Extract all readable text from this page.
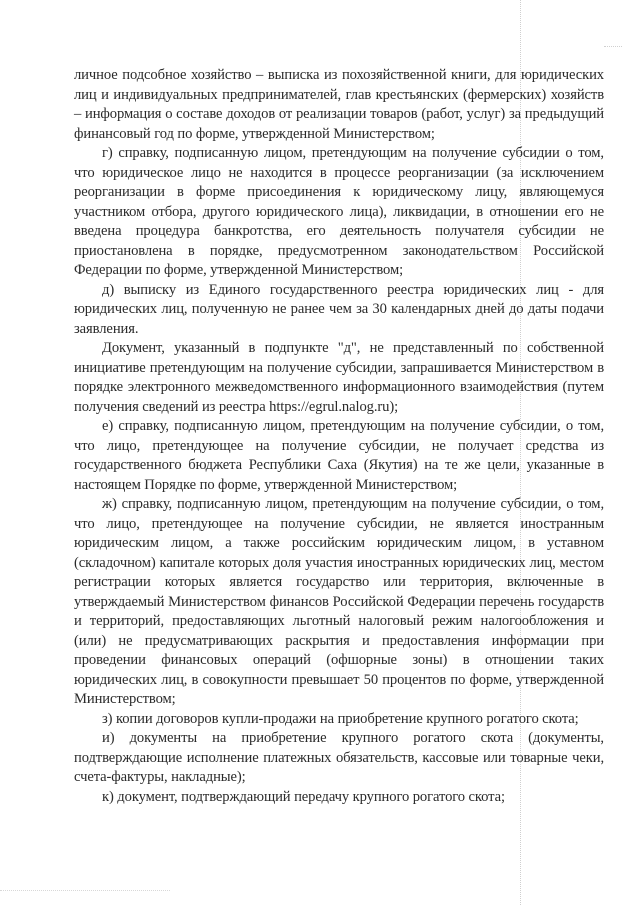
личное подсобное хозяйство – выписка из похозяйственной книги, для юридических лиц и индивидуальных предпринимателей, глав крестьянских (фермерских) хозяйств – информация о составе доходов от реализации товаров (работ, услуг) за предыдущий финансовый год по форме, утвержденной Министерством;

г) справку, подписанную лицом, претендующим на получение субсидии о том, что юридическое лицо не находится в процессе реорганизации (за исключением реорганизации в форме присоединения к юридическому лицу, являющемуся участником отбора, другого юридического лица), ликвидации, в отношении его не введена процедура банкротства, его деятельность получателя субсидии не приостановлена в порядке, предусмотренном законодательством Российской Федерации по форме, утвержденной Министерством;

д) выписку из Единого государственного реестра юридических лиц - для юридических лиц, полученную не ранее чем за 30 календарных дней до даты подачи заявления.

Документ, указанный в подпункте "д", не представленный по собственной инициативе претендующим на получение субсидии, запрашивается Министерством в порядке электронного межведомственного информационного взаимодействия (путем получения сведений из реестра https://egrul.nalog.ru);

е) справку, подписанную лицом, претендующим на получение субсидии, о том, что лицо, претендующее на получение субсидии, не получает средства из государственного бюджета Республики Саха (Якутия) на те же цели, указанные в настоящем Порядке по форме, утвержденной Министерством;

ж) справку, подписанную лицом, претендующим на получение субсидии, о том, что лицо, претендующее на получение субсидии, не является иностранным юридическим лицом, а также российским юридическим лицом, в уставном (складочном) капитале которых доля участия иностранных юридических лиц, местом регистрации которых является государство или территория, включенные в утверждаемый Министерством финансов Российской Федерации перечень государств и территорий, предоставляющих льготный налоговый режим налогообложения и (или) не предусматривающих раскрытия и предоставления информации при проведении финансовых операций (офшорные зоны) в отношении таких юридических лиц, в совокупности превышает 50 процентов по форме, утвержденной Министерством;

з) копии договоров купли-продажи на приобретение крупного рогатого скота;

и) документы на приобретение крупного рогатого скота (документы, подтверждающие исполнение платежных обязательств, кассовые или товарные чеки, счета-фактуры, накладные);

к) документ, подтверждающий передачу крупного рогатого скота;
